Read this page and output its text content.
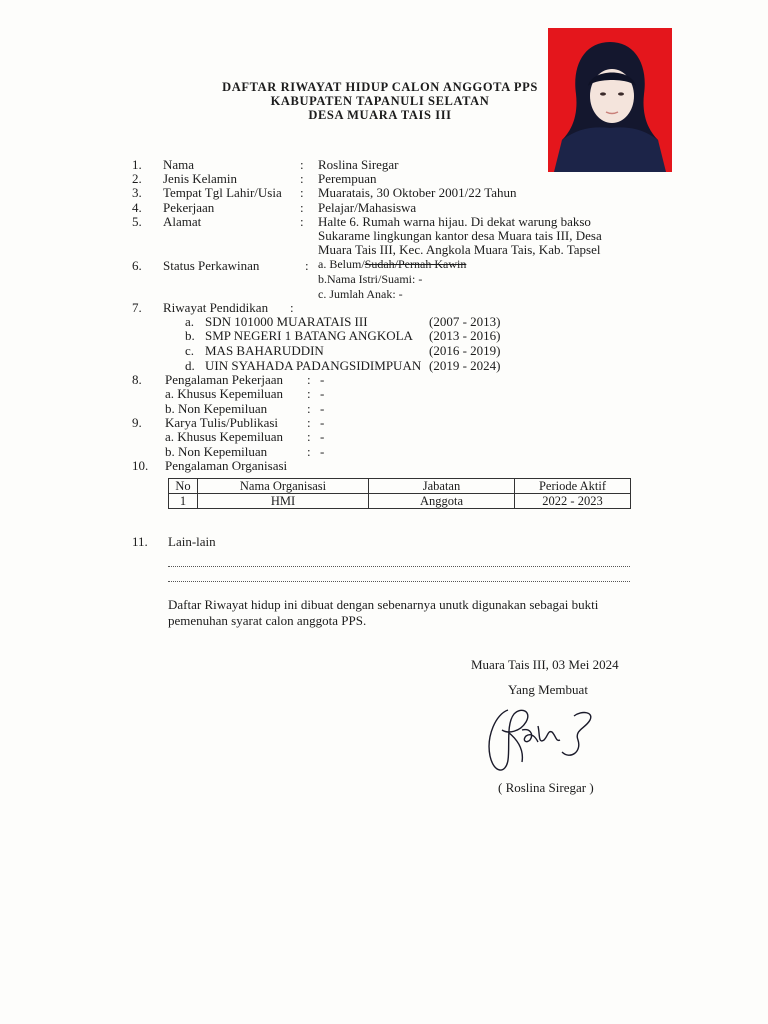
DAFTAR RIWAYAT HIDUP CALON ANGGOTA PPS
KABUPATEN TAPANULI SELATAN
DESA MUARA TAIS III
1. Nama	: Roslina Siregar
2. Jenis Kelamin	: Perempuan
3. Tempat Tgl Lahir/Usia : Muaratais, 30 Oktober 2001/22 Tahun
4. Pekerjaan	: Pelajar/Mahasiswa
5. Alamat	: Halte 6. Rumah warna hijau. Di dekat warung bakso
Sukarame lingkungan kantor desa Muara tais III, Desa
Muara Tais III, Kec. Angkola Muara Tais, Kab. Tapsel
6. Status Perkawinan	: a. Belum/Sudah/Pernah Kawin
b.Nama Istri/Suami: -
c. Jumlah Anak: -
7. Riwayat Pendidikan :
a. SDN 101000 MUARATAIS III	(2007 - 2013)
b. SMP NEGERI 1 BATANG ANGKOLA (2013 - 2016)
c. MAS BAHARUDDIN	(2016 - 2019)
d. UIN SYAHADA PADANGSIDIMPUAN (2019 - 2024)
8. Pengalaman Pekerjaan : -
a. Khusus Kepemiluan : -
b. Non Kepemiluan	: -
9. Karya Tulis/Publikasi : -
a. Khusus Kepemiluan : -
b. Non Kepemiluan	: -
10. Pengalaman Organisasi
No	Nama Organisasi	Jabatan	Periode Aktif
1	HMI	Anggota	2022 - 2023
11. Lain-lain
Daftar Riwayat hidup ini dibuat dengan sebenarnya unutk digunakan sebagai bukti
pemenuhan syarat calon anggota PPS.
Muara Tais III, 03 Mei 2024
Yang Membuat
( Roslina Siregar )
